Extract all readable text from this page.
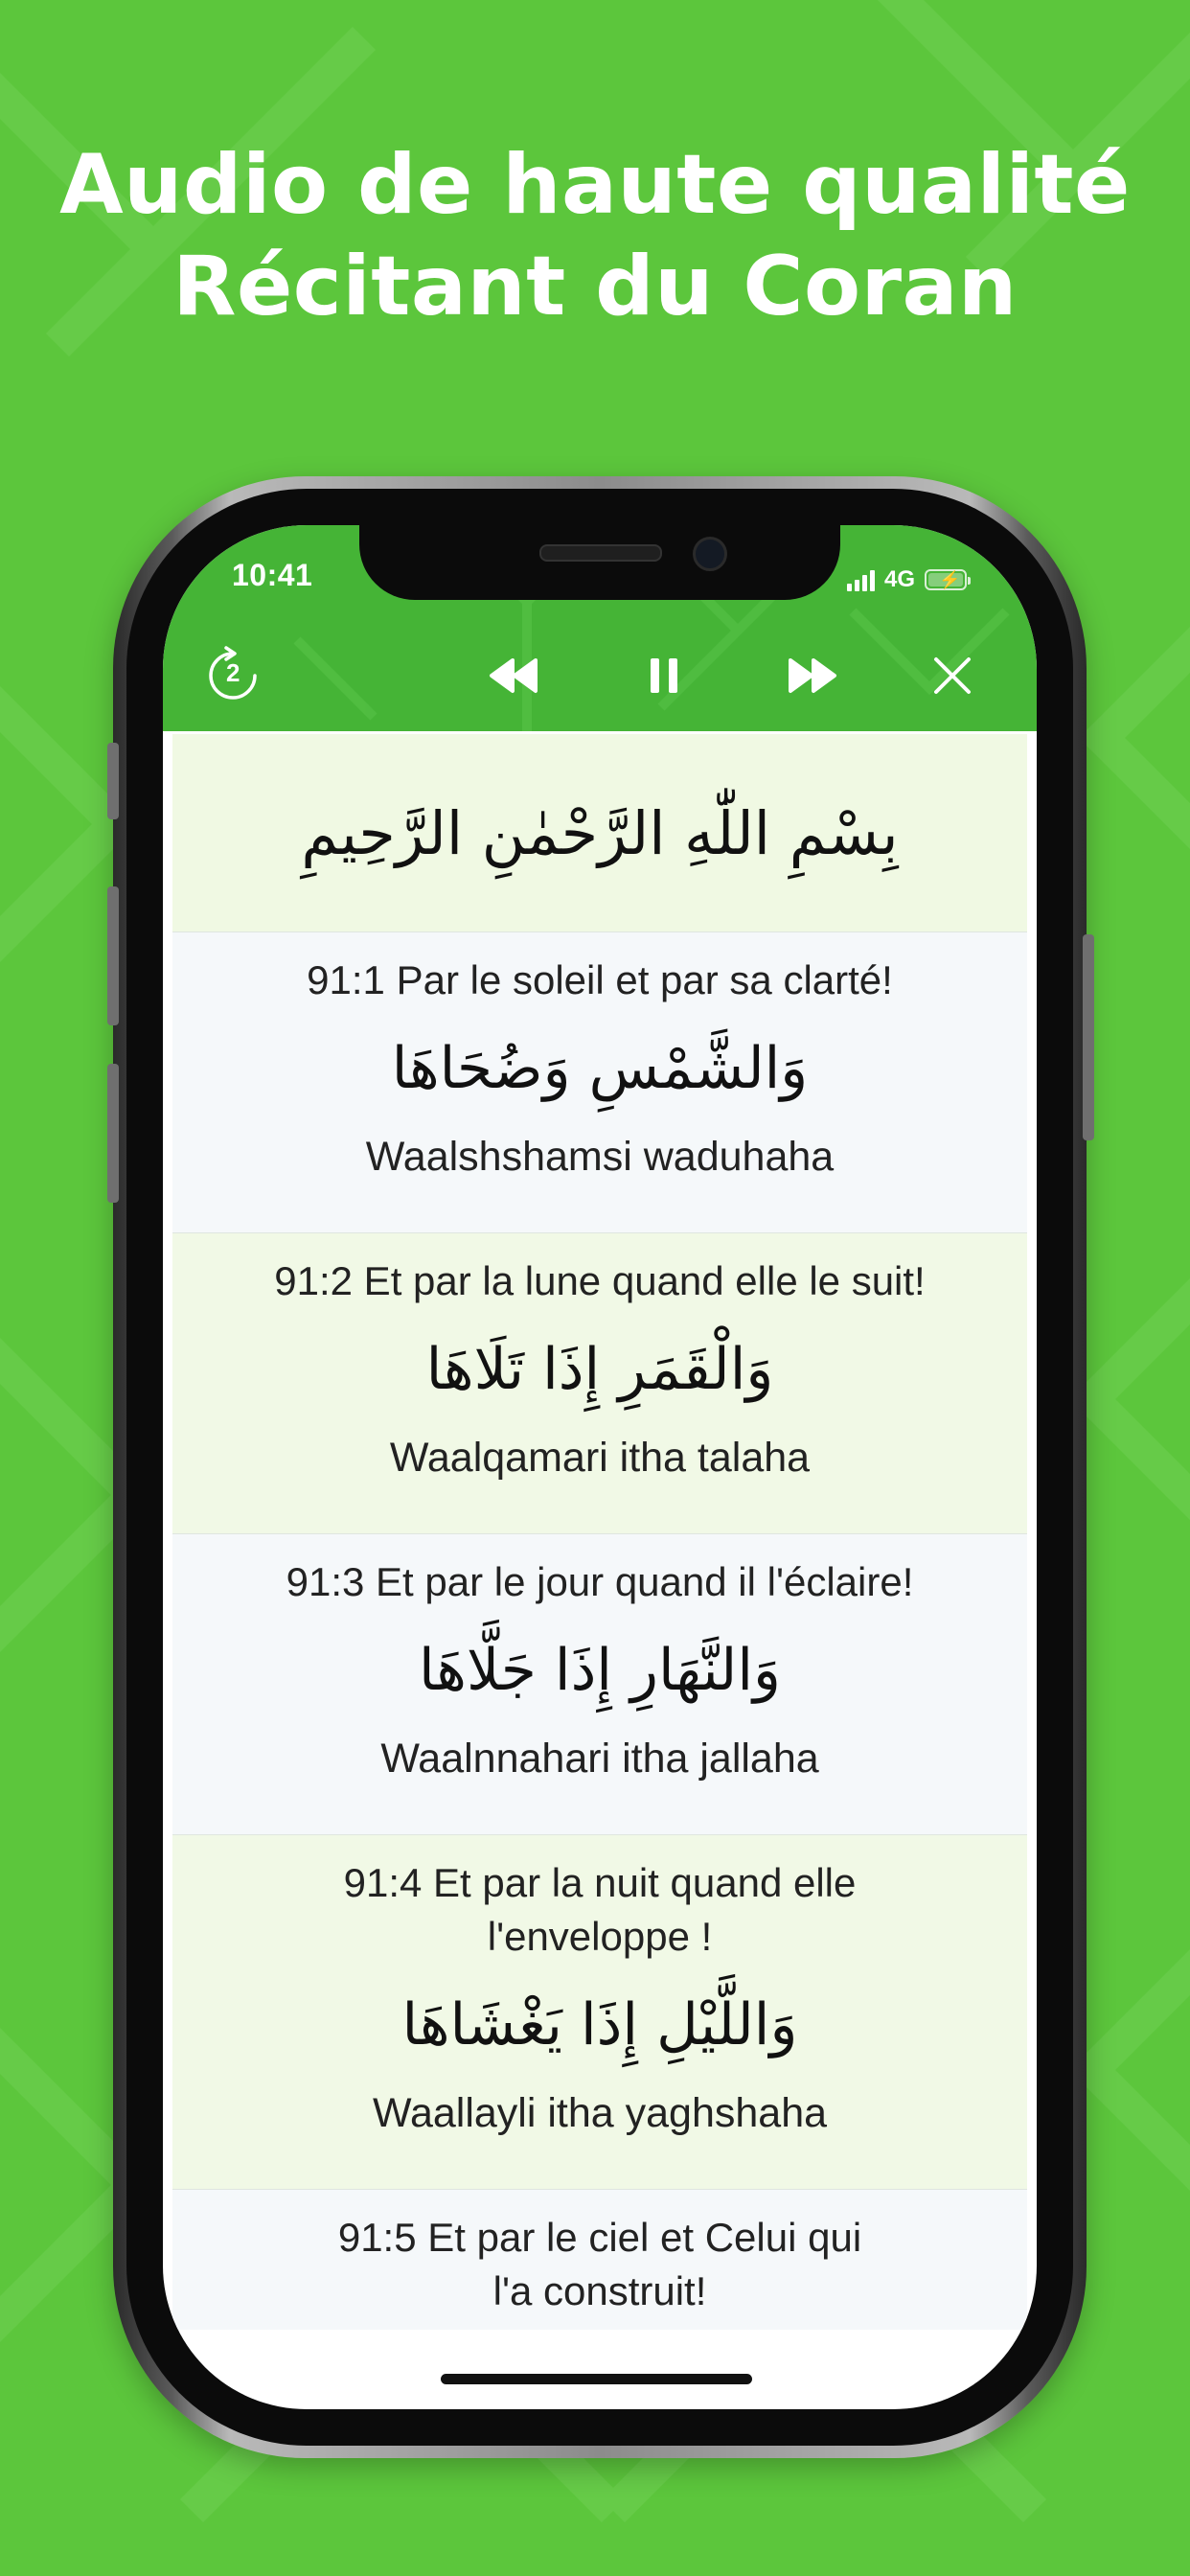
Audio de haute qualité
Récitant du Coran
10:41	4G ⚡
2
بِسْمِ اللّٰهِ الرَّحْمٰنِ الرَّحِيمِ
91:1 Par le soleil et par sa clarté!
وَالشَّمْسِ وَضُحَاهَا
Waalshshamsi waduhaha
91:2 Et par la lune quand elle le suit!
وَالْقَمَرِ إِذَا تَلَاهَا
Waalqamari itha talaha
91:3 Et par le jour quand il l'éclaire!
وَالنَّهَارِ إِذَا جَلَّاهَا
Waalnnahari itha jallaha
91:4 Et par la nuit quand elle
l'enveloppe !
وَاللَّيْلِ إِذَا يَغْشَاهَا
Waallayli itha yaghshaha
91:5 Et par le ciel et Celui qui
l'a construit!
